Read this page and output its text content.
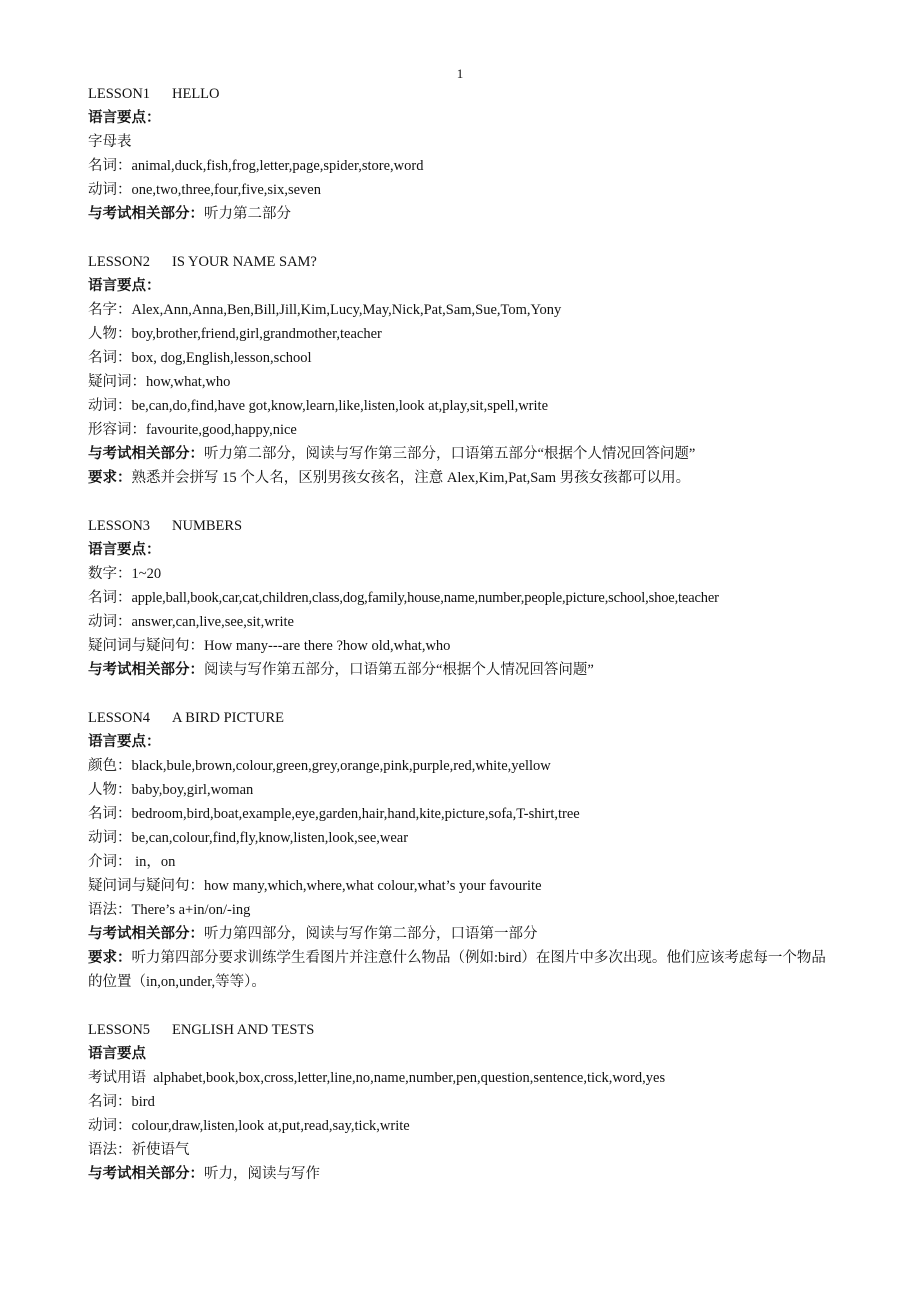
1
LESSON1 HELLO
语言要点：
字母表
名词：animal,duck,fish,frog,letter,page,spider,store,word
动词：one,two,three,four,five,six,seven
与考试相关部分：听力第二部分
LESSON2 IS YOUR NAME SAM?
语言要点：
名字：Alex,Ann,Anna,Ben,Bill,Jill,Kim,Lucy,May,Nick,Pat,Sam,Sue,Tom,Yony
人物：boy,brother,friend,girl,grandmother,teacher
名词：box, dog,English,lesson,school
疑问词：how,what,who
动词：be,can,do,find,have got,know,learn,like,listen,look at,play,sit,spell,write
形容词：favourite,good,happy,nice
与考试相关部分：听力第二部分，阅读与写作第三部分，口语第五部分“根据个人情况回答问题”
要求：熟悉并会拼写 15 个人名，区别男孩女孩名，注意 Alex,Kim,Pat,Sam 男孩女孩都可以用。
LESSON3 NUMBERS
语言要点：
数字：1~20
名词：apple,ball,book,car,cat,children,class,dog,family,house,name,number,people,picture,school,shoe,teacher
动词：answer,can,live,see,sit,write
疑问词与疑问句：How many---are there ?how old,what,who
与考试相关部分：阅读与写作第五部分，口语第五部分“根据个人情况回答问题”
LESSON4 A BIRD PICTURE
语言要点：
颜色：black,bule,brown,colour,green,grey,orange,pink,purple,red,white,yellow
人物：baby,boy,girl,woman
名词：bedroom,bird,boat,example,eye,garden,hair,hand,kite,picture,sofa,T-shirt,tree
动词：be,can,colour,find,fly,know,listen,look,see,wear
介词： in，on
疑问词与疑问句：how many,which,where,what colour,what’s your favourite
语法：There’s a+in/on/-ing
与考试相关部分：听力第四部分，阅读与写作第二部分，口语第一部分
要求：听力第四部分要求训练学生看图片并注意什么物品（例如:bird）在图片中多次出现。他们应该考虑每一个物品的位置（in,on,under,等等）。
LESSON5 ENGLISH AND TESTS
语言要点
考试用语  alphabet,book,box,cross,letter,line,no,name,number,pen,question,sentence,tick,word,yes
名词：bird
动词：colour,draw,listen,look at,put,read,say,tick,write
语法：祈使语气
与考试相关部分：听力，阅读与写作
